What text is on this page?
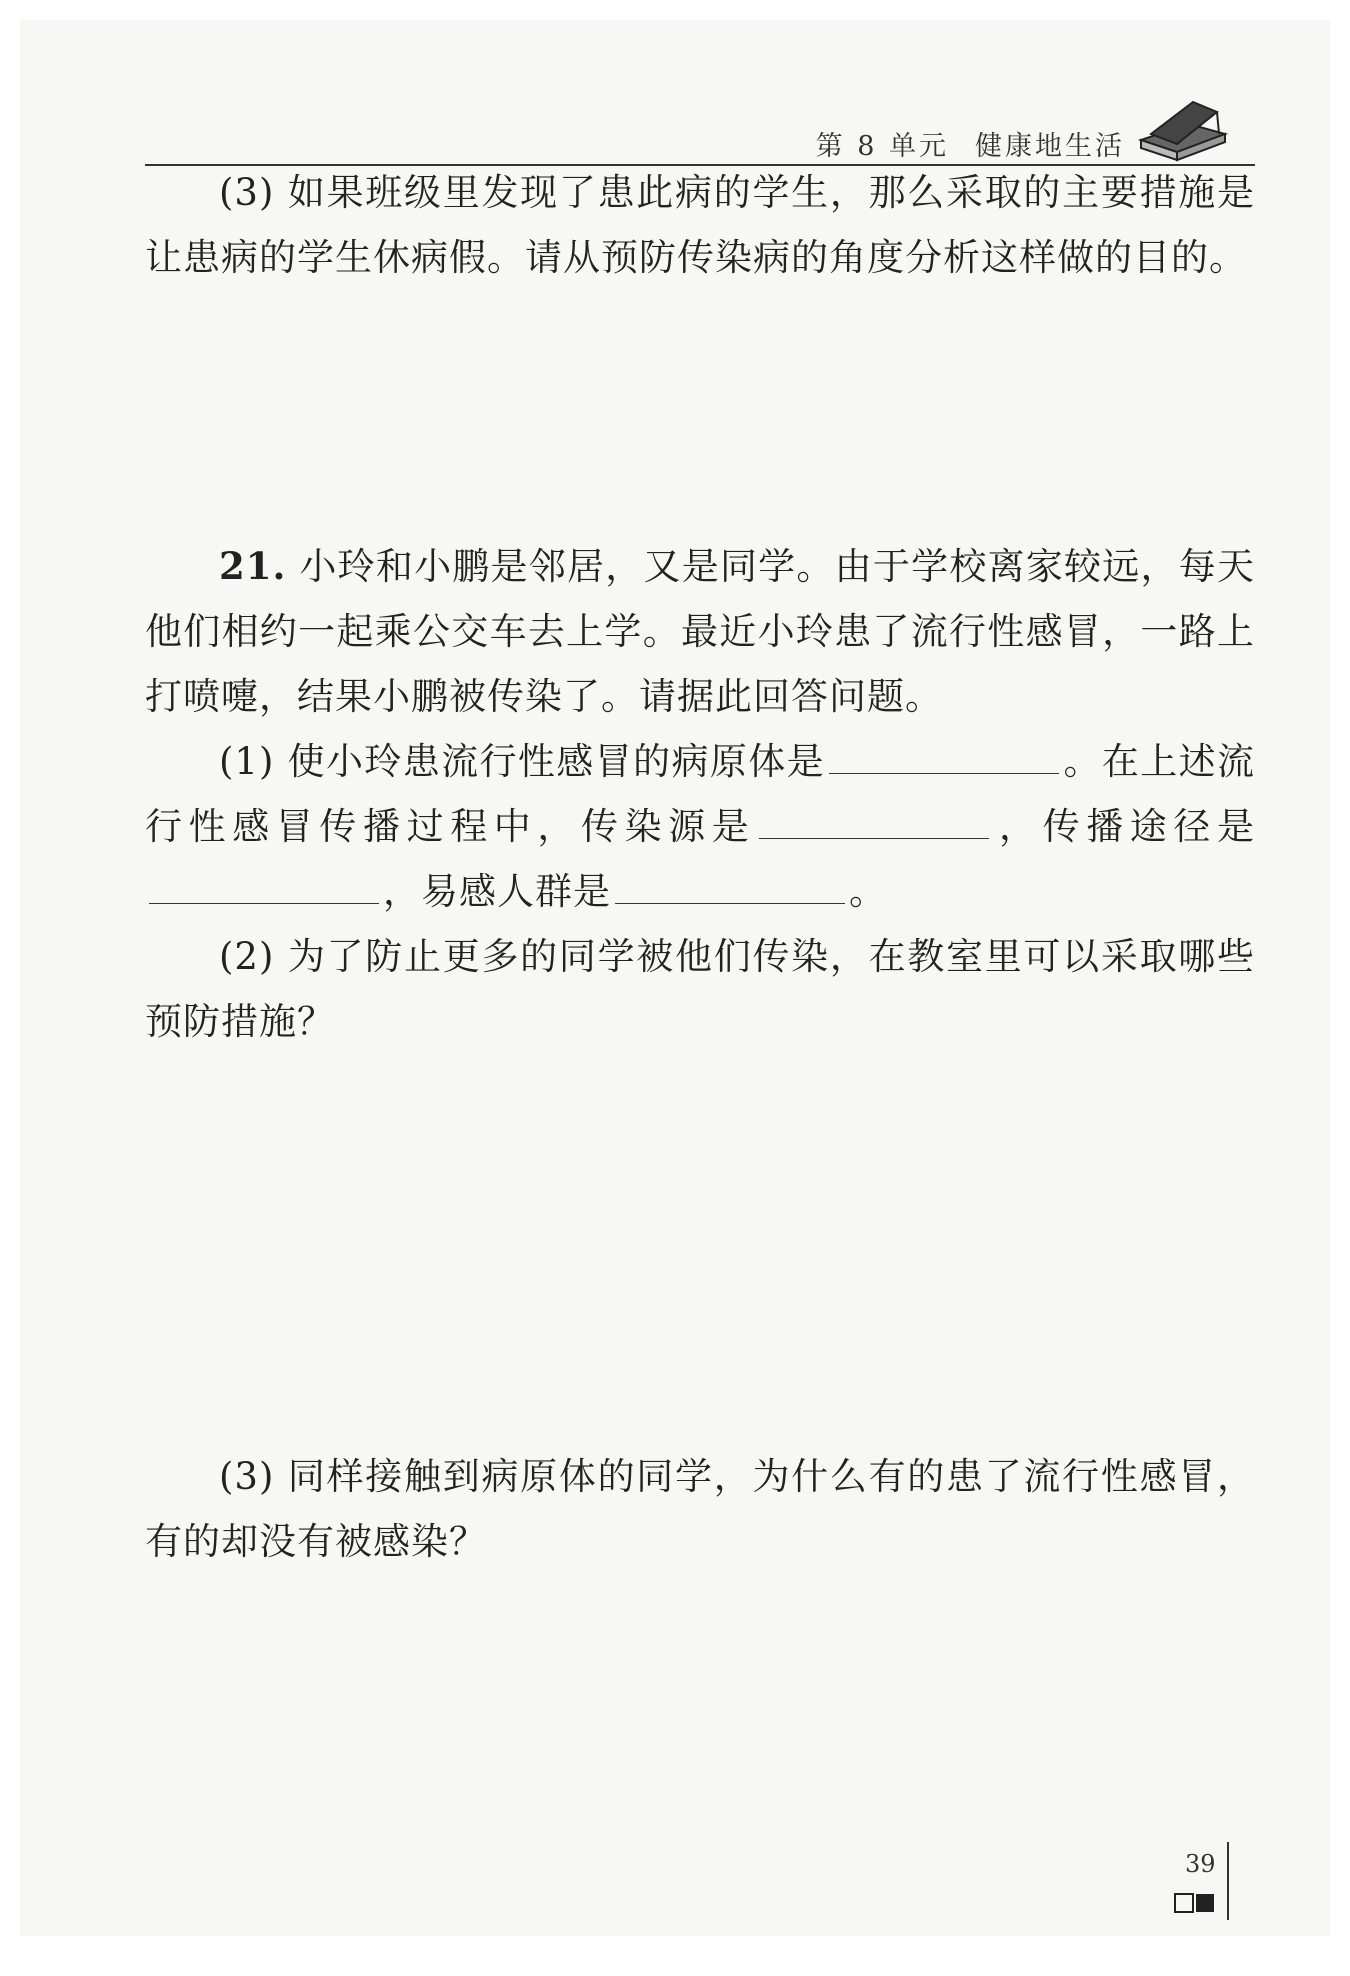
第 8 单元 健康地生活

(3) 如果班级里发现了患此病的学生，那么采取的主要措施是让患病的学生休病假。请从预防传染病的角度分析这样做的目的。

21. 小玲和小鹏是邻居，又是同学。由于学校离家较远，每天他们相约一起乘公交车去上学。最近小玲患了流行性感冒，一路上打喷嚏，结果小鹏被传染了。请据此回答问题。

(1) 使小玲患流行性感冒的病原体是	。在上述流行性感冒传播过程中，传染源是	，传播途径是，易感人群是	。

(2) 为了防止更多的同学被他们传染，在教室里可以采取哪些预防措施？

(3) 同样接触到病原体的同学，为什么有的患了流行性感冒，有的却没有被感染？

39
